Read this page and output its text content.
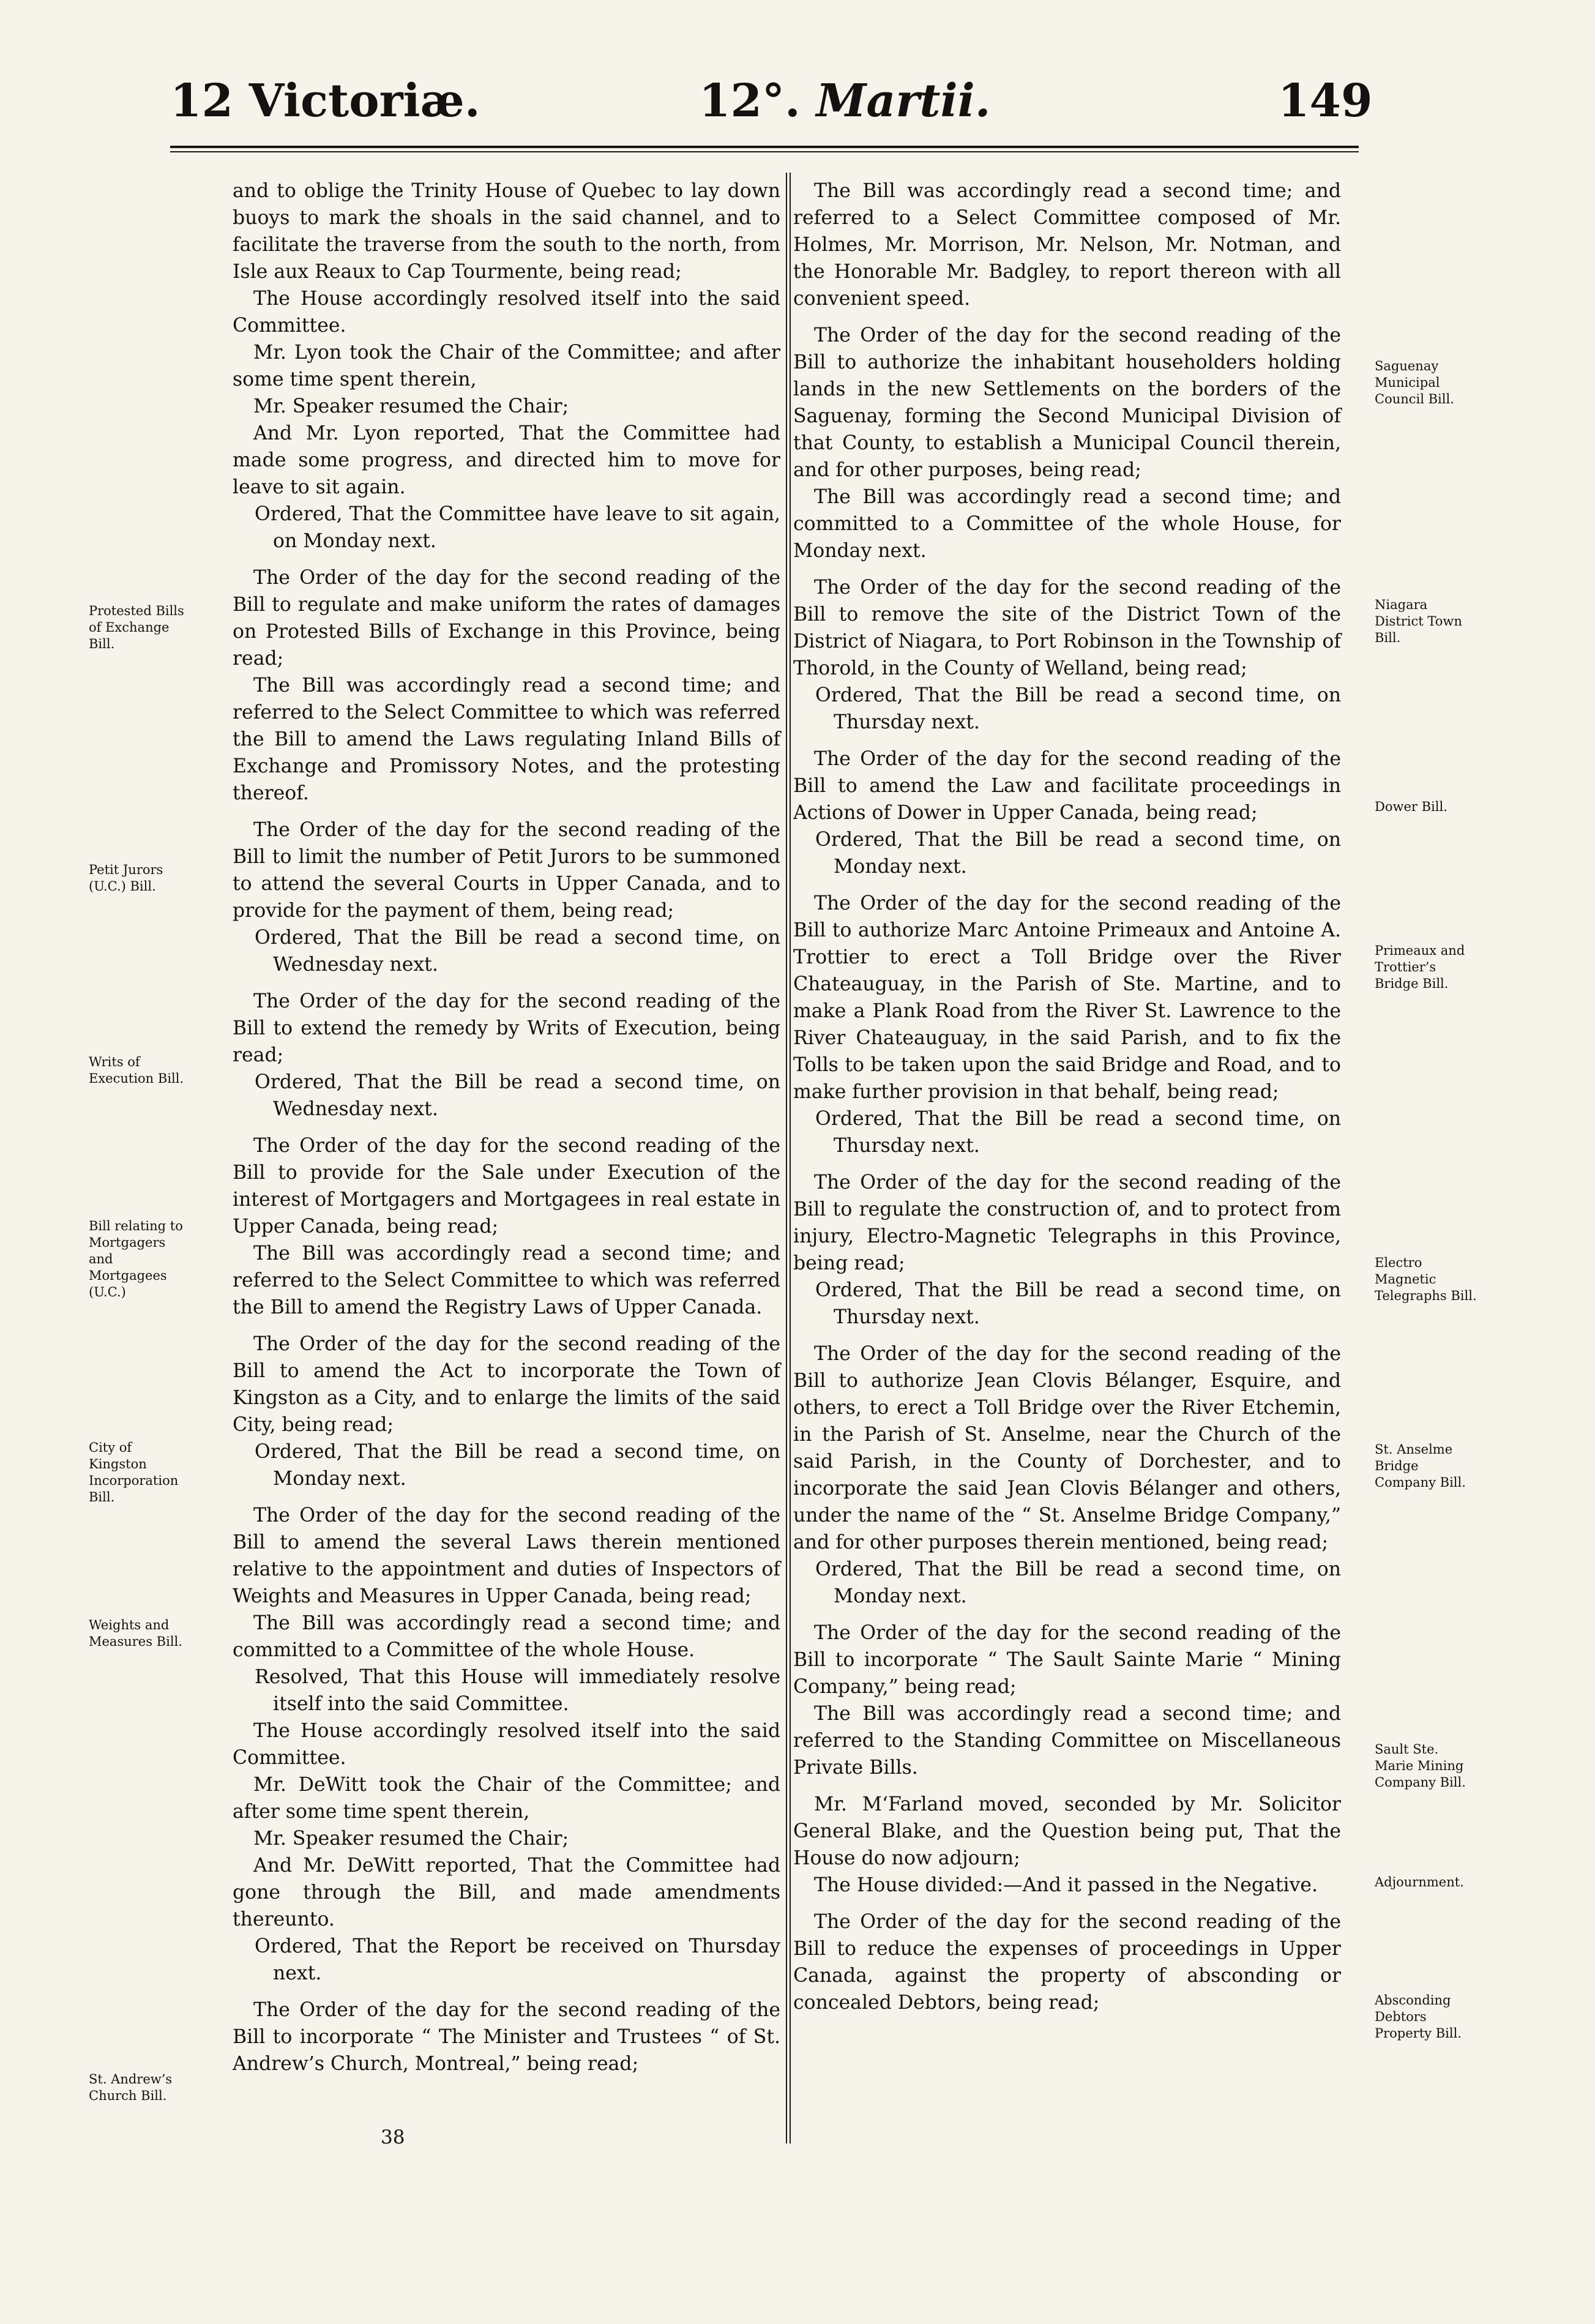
12 Victoriæ.	12°. Martii.	149

and to oblige the Trinity House of Quebec to lay down buoys to mark the shoals in the said channel, and to facilitate the traverse from the south to the north, from Isle aux Reaux to Cap Tourmente, being read;

The House accordingly resolved itself into the said Committee.

Mr. Lyon took the Chair of the Committee; and after some time spent therein,

Mr. Speaker resumed the Chair;

And Mr. Lyon reported, That the Committee had made some progress, and directed him to move for leave to sit again.

Ordered, That the Committee have leave to sit again, on Monday next.

The Order of the day for the second reading of the Bill to regulate and make uniform the rates of damages on Protested Bills of Exchange in this Province, being read;

The Bill was accordingly read a second time; and referred to the Select Committee to which was referred the Bill to amend the Laws regulating Inland Bills of Exchange and Promissory Notes, and the protesting thereof.

The Order of the day for the second reading of the Bill to limit the number of Petit Jurors to be summoned to attend the several Courts in Upper Canada, and to provide for the payment of them, being read;

Ordered, That the Bill be read a second time, on Wednesday next.

The Order of the day for the second reading of the Bill to extend the remedy by Writs of Execution, being read;

Ordered, That the Bill be read a second time, on Wednesday next.

The Order of the day for the second reading of the Bill to provide for the Sale under Execution of the interest of Mortgagers and Mortgagees in real estate in Upper Canada, being read;

The Bill was accordingly read a second time; and referred to the Select Committee to which was referred the Bill to amend the Registry Laws of Upper Canada.

The Order of the day for the second reading of the Bill to amend the Act to incorporate the Town of Kingston as a City, and to enlarge the limits of the said City, being read;

Ordered, That the Bill be read a second time, on Monday next.

The Order of the day for the second reading of the Bill to amend the several Laws therein mentioned relative to the appointment and duties of Inspectors of Weights and Measures in Upper Canada, being read;

The Bill was accordingly read a second time; and committed to a Committee of the whole House.

Resolved, That this House will immediately resolve itself into the said Committee.

The House accordingly resolved itself into the said Committee.

Mr. DeWitt took the Chair of the Committee; and after some time spent therein,

Mr. Speaker resumed the Chair;

And Mr. DeWitt reported, That the Committee had gone through the Bill, and made amendments thereunto.

Ordered, That the Report be received on Thursday next.

The Order of the day for the second reading of the Bill to incorporate “ The Minister and Trustees “ of St. Andrew’s Church, Montreal,” being read;

The Bill was accordingly read a second time; and referred to a Select Committee composed of Mr. Holmes, Mr. Morrison, Mr. Nelson, Mr. Notman, and the Honorable Mr. Badgley, to report thereon with all convenient speed.

The Order of the day for the second reading of the Bill to authorize the inhabitant householders holding lands in the new Settlements on the borders of the Saguenay, forming the Second Municipal Division of that County, to establish a Municipal Council therein, and for other purposes, being read;

The Bill was accordingly read a second time; and committed to a Committee of the whole House, for Monday next.

The Order of the day for the second reading of the Bill to remove the site of the District Town of the District of Niagara, to Port Robinson in the Township of Thorold, in the County of Welland, being read;

Ordered, That the Bill be read a second time, on Thursday next.

The Order of the day for the second reading of the Bill to amend the Law and facilitate proceedings in Actions of Dower in Upper Canada, being read;

Ordered, That the Bill be read a second time, on Monday next.

The Order of the day for the second reading of the Bill to authorize Marc Antoine Primeaux and Antoine A. Trottier to erect a Toll Bridge over the River Chateauguay, in the Parish of Ste. Martine, and to make a Plank Road from the River St. Lawrence to the River Chateauguay, in the said Parish, and to fix the Tolls to be taken upon the said Bridge and Road, and to make further provision in that behalf, being read;

Ordered, That the Bill be read a second time, on Thursday next.

The Order of the day for the second reading of the Bill to regulate the construction of, and to protect from injury, Electro-Magnetic Telegraphs in this Province, being read;

Ordered, That the Bill be read a second time, on Thursday next.

The Order of the day for the second reading of the Bill to authorize Jean Clovis Bélanger, Esquire, and others, to erect a Toll Bridge over the River Etchemin, in the Parish of St. Anselme, near the Church of the said Parish, in the County of Dorchester, and to incorporate the said Jean Clovis Bélanger and others, under the name of the “ St. Anselme Bridge Company,” and for other purposes therein mentioned, being read;

Ordered, That the Bill be read a second time, on Monday next.

The Order of the day for the second reading of the Bill to incorporate “ The Sault Sainte Marie “ Mining Company,” being read;

The Bill was accordingly read a second time; and referred to the Standing Committee on Miscellaneous Private Bills.

Mr. M‘Farland moved, seconded by Mr. Solicitor General Blake, and the Question being put, That the House do now adjourn;

The House divided:—And it passed in the Negative.

The Order of the day for the second reading of the Bill to reduce the expenses of proceedings in Upper Canada, against the property of absconding or concealed Debtors, being read;

Protested Bills of Exchange Bill.
Petit Jurors (U.C.) Bill.
Writs of Execution Bill.
Bill relating to Mortgagers and Mortgagees (U.C.)
City of Kingston Incorporation Bill.
Weights and Measures Bill.
St. Andrew’s Church Bill.
Saguenay Municipal Council Bill.
Niagara District Town Bill.
Dower Bill.
Primeaux and Trottier’s Bridge Bill.
Electro Magnetic Telegraphs Bill.
St. Anselme Bridge Company Bill.
Sault Ste. Marie Mining Company Bill.
Adjournment.
Absconding Debtors Property Bill.
38
